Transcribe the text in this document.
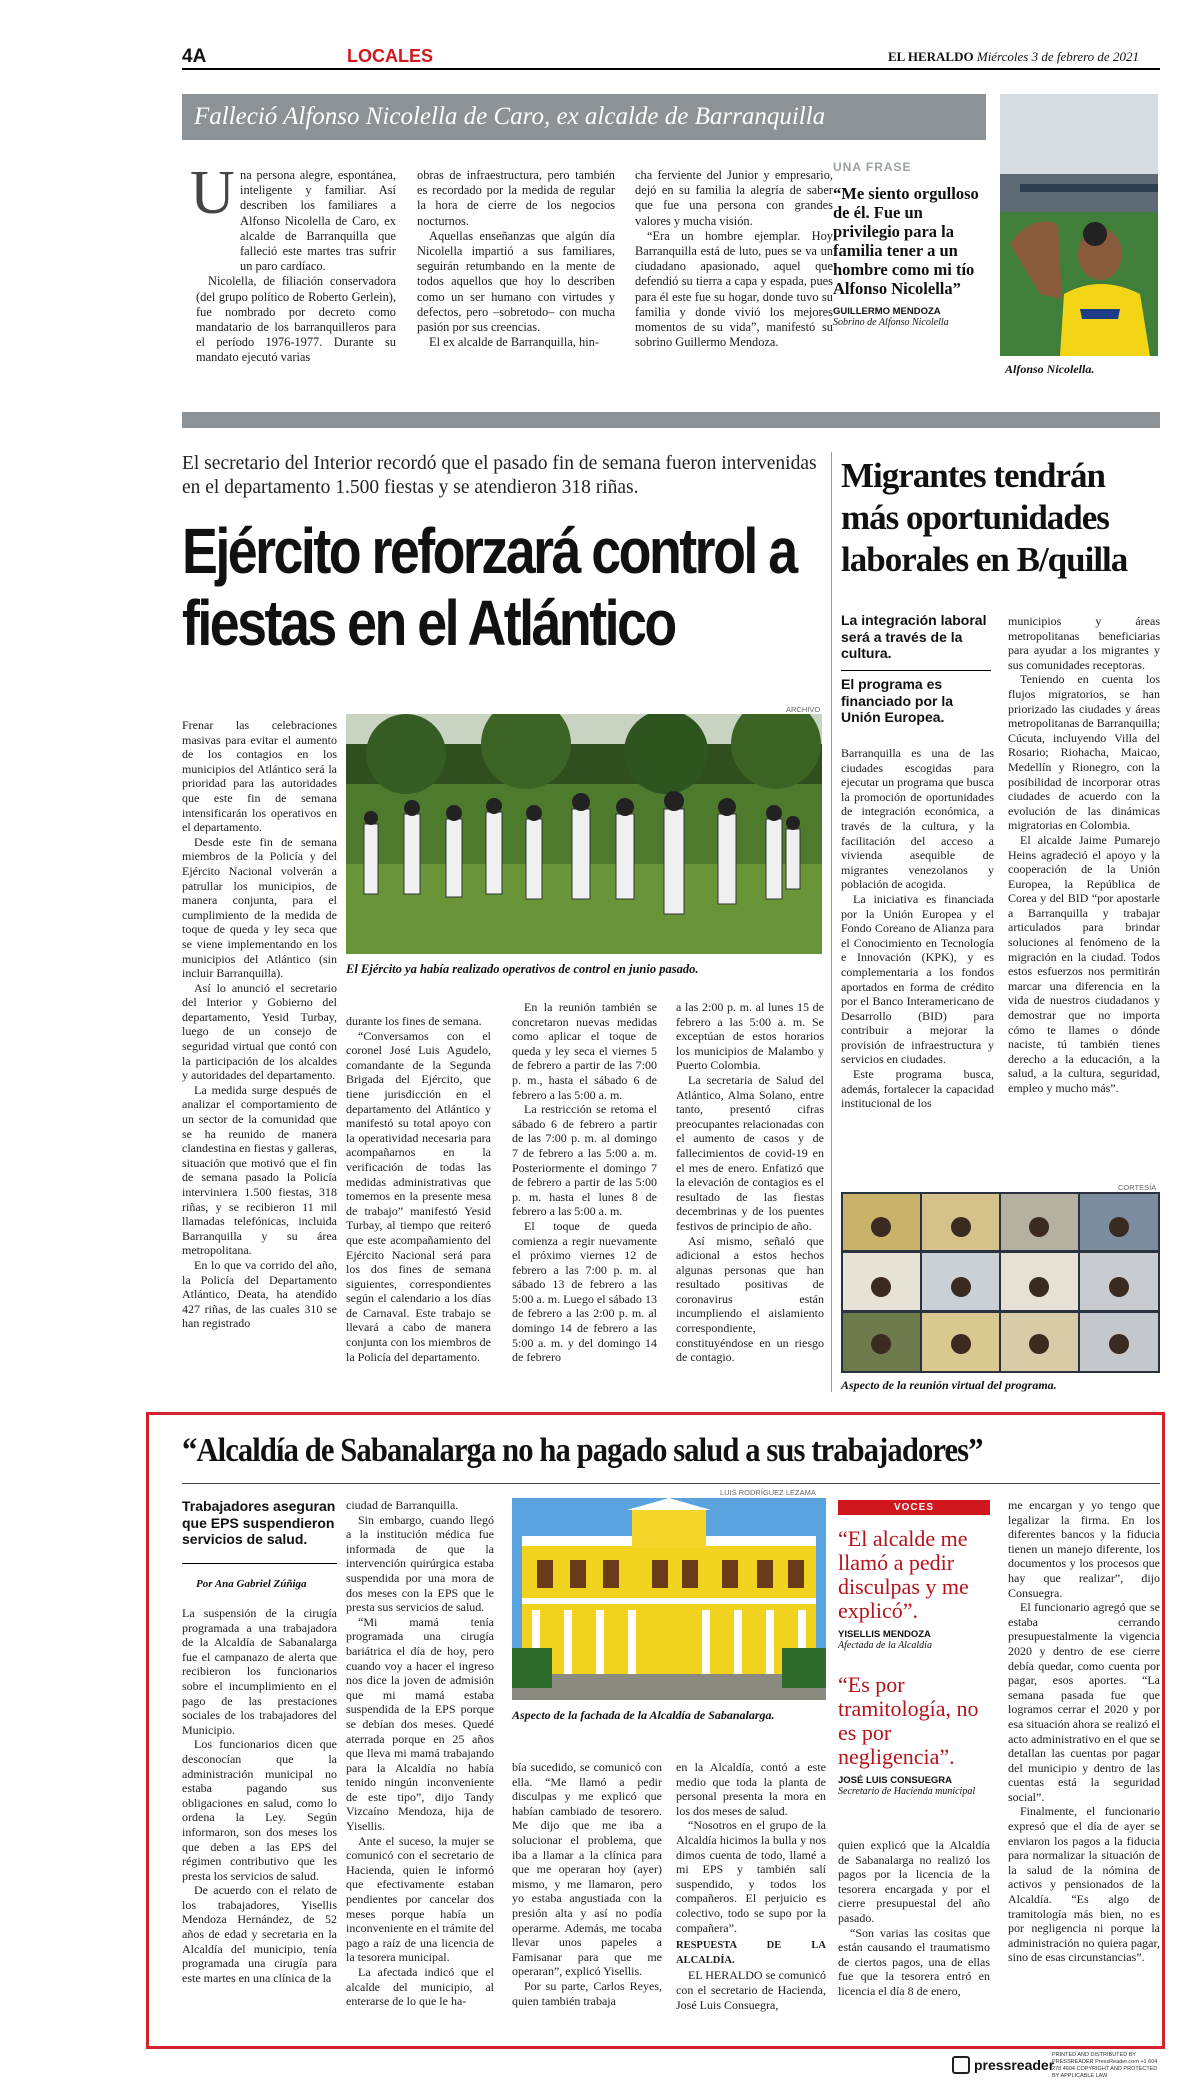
4A	LOCALES	EL HERALDO Miércoles 3 de febrero de 2021
Falleció Alfonso Nicolella de Caro, ex alcalde de Barranquilla
U na persona alegre, espontánea, inteligente y familiar. Así describen los familiares a Alfonso Nicolella de Caro, ex alcalde de Barranquilla que falleció este martes tras sufrir un paro cardíaco.

Nicolella, de filiación conservadora (del grupo político de Roberto Gerlein), fue nombrado por decreto como mandatario de los barranquilleros para el período 1976-1977. Durante su mandato ejecutó varias

obras de infraestructura, pero también es recordado por la medida de regular la hora de cierre de los negocios nocturnos.

Aquellas enseñanzas que algún día Nicolella impartió a sus familiares, seguirán retumbando en la mente de todos aquellos que hoy lo describen como un ser humano con virtudes y defectos, pero –sobretodo– con mucha pasión por sus creencias.

El ex alcalde de Barranquilla, hin-

cha ferviente del Junior y empresario, dejó en su familia la alegría de saber que fue una persona con grandes valores y mucha visión.

“Era un hombre ejemplar. Hoy Barranquilla está de luto, pues se va un ciudadano apasionado, aquel que defendió su tierra a capa y espada, pues para él este fue su hogar, donde tuvo su familia y donde vivió los mejores momentos de su vida”, manifestó su sobrino Guillermo Mendoza.

UNA FRASE
“Me siento orgulloso de él. Fue un privilegio para la familia tener a un hombre como mi tío Alfonso Nicolella”
GUILLERMO MENDOZA
Sobrino de Alfonso Nicolella
Alfonso Nicolella.
El secretario del Interior recordó que el pasado fin de semana fueron intervenidas en el departamento 1.500 fiestas y se atendieron 318 riñas.
Ejército reforzará control a fiestas en el Atlántico
ARCHIVO

Frenar las celebraciones masivas para evitar el aumento de los contagios en los municipios del Atlántico será la prioridad para las autoridades que este fin de semana intensificarán los operativos en el departamento.

Desde este fin de semana miembros de la Policía y del Ejército Nacional volverán a patrullar los municipios, de manera conjunta, para el cumplimiento de la medida de toque de queda y ley seca que se viene implementando en los municipios del Atlántico (sin incluir Barranquilla).

Así lo anunció el secretario del Interior y Gobierno del departamento, Yesid Turbay, luego de un consejo de seguridad virtual que contó con la participación de los alcaldes y autoridades del departamento.

La medida surge después de analizar el comportamiento de un sector de la comunidad que se ha reunido de manera clandestina en fiestas y galleras, situación que motivó que el fin de semana pasado la Policía interviniera 1.500 fiestas, 318 riñas, y se recibieron 11 mil llamadas telefónicas, incluida Barranquilla y su área metropolitana.

En lo que va corrido del año, la Policía del Departamento Atlántico, Deata, ha atendido 427 riñas, de las cuales 310 se han registrado

El Ejército ya había realizado operativos de control en junio pasado.

durante los fines de semana.

“Conversamos con el coronel José Luis Agudelo, comandante de la Segunda Brigada del Ejército, que tiene jurisdicción en el departamento del Atlántico y manifestó su total apoyo con la operatividad necesaria para acompañarnos en la verificación de todas las medidas administrativas que tomemos en la presente mesa de trabajo” manifestó Yesid Turbay, al tiempo que reiteró que este acompañamiento del Ejército Nacional será para los dos fines de semana siguientes, correspondientes según el calendario a los días de Carnaval. Este trabajo se llevará a cabo de manera conjunta con los miembros de la Policía del departamento.

En la reunión también se concretaron nuevas medidas como aplicar el toque de queda y ley seca el viernes 5 de febrero a partir de las 7:00 p. m., hasta el sábado 6 de febrero a las 5:00 a. m.

La restricción se retoma el sábado 6 de febrero a partir de las 7:00 p. m. al domingo 7 de febrero a las 5:00 a. m. Posteriormente el domingo 7 de febrero a partir de las 5:00 p. m. hasta el lunes 8 de febrero a las 5:00 a. m.

El toque de queda comienza a regir nuevamente el próximo viernes 12 de febrero a las 7:00 p. m. al sábado 13 de febrero a las 5:00 a. m. Luego el sábado 13 de febrero a las 2:00 p. m. al domingo 14 de febrero a las 5:00 a. m. y del domingo 14 de febrero

a las 2:00 p. m. al lunes 15 de febrero a las 5:00 a. m. Se exceptúan de estos horarios los municipios de Malambo y Puerto Colombia.

La secretaria de Salud del Atlántico, Alma Solano, entre tanto, presentó cifras preocupantes relacionadas con el aumento de casos y de fallecimientos de covid-19 en el mes de enero. Enfatizó que la elevación de contagios es el resultado de las fiestas decembrinas y de los puentes festivos de principio de año.

Así mismo, señaló que adicional a estos hechos algunas personas que han resultado positivas de coronavirus están incumpliendo el aislamiento correspondiente, constituyéndose en un riesgo de contagio.

Migrantes tendrán más oportunidades laborales en B/quilla
La integración laboral será a través de la cultura.
El programa es financiado por la Unión Europea.

Barranquilla es una de las ciudades escogidas para ejecutar un programa que busca la promoción de oportunidades de integración económica, a través de la cultura, y la facilitación del acceso a vivienda asequible de migrantes venezolanos y población de acogida.

La iniciativa es financiada por la Unión Europea y el Fondo Coreano de Alianza para el Conocimiento en Tecnología e Innovación (KPK), y es complementaria a los fondos aportados en forma de crédito por el Banco Interamericano de Desarrollo (BID) para contribuir a mejorar la provisión de infraestructura y servicios en ciudades.

Este programa busca, además, fortalecer la capacidad institucional de los

municipios y áreas metropolitanas beneficiarias para ayudar a los migrantes y sus comunidades receptoras.

Teniendo en cuenta los flujos migratorios, se han priorizado las ciudades y áreas metropolitanas de Barranquilla; Cúcuta, incluyendo Villa del Rosario; Riohacha, Maicao, Medellín y Rionegro, con la posibilidad de incorporar otras ciudades de acuerdo con la evolución de las dinámicas migratorias en Colombia.

El alcalde Jaime Pumarejo Heins agradeció el apoyo y la cooperación de la Unión Europea, la República de Corea y del BID “por apostarle a Barranquilla y trabajar articulados para brindar soluciones al fenómeno de la migración en la ciudad. Todos estos esfuerzos nos permitirán marcar una diferencia en la vida de nuestros ciudadanos y demostrar que no importa cómo te llames o dónde naciste, tú también tienes derecho a la educación, a la salud, a la cultura, seguridad, empleo y mucho más”.

CORTESÍA
Aspecto de la reunión virtual del programa.
“Alcaldía de Sabanalarga no ha pagado salud a sus trabajadores”
Trabajadores aseguran que EPS suspendieron servicios de salud.
Por Ana Gabriel Zúñiga

La suspensión de la cirugía programada a una trabajadora de la Alcaldía de Sabanalarga fue el campanazo de alerta que recibieron los funcionarios sobre el incumplimiento en el pago de las prestaciones sociales de los trabajadores del Municipio.

Los funcionarios dicen que desconocían que la administración municipal no estaba pagando sus obligaciones en salud, como lo ordena la Ley. Según informaron, son dos meses los que deben a las EPS del régimen contributivo que les presta los servicios de salud.

De acuerdo con el relato de los trabajadores, Yisellis Mendoza Hernández, de 52 años de edad y secretaria en la Alcaldía del municipio, tenía programada una cirugía para este martes en una clínica de la

ciudad de Barranquilla.

Sin embargo, cuando llegó a la institución médica fue informada de que la intervención quirúrgica estaba suspendida por una mora de dos meses con la EPS que le presta sus servicios de salud.

“Mi mamá tenía programada una cirugía bariátrica el día de hoy, pero cuando voy a hacer el ingreso nos dice la joven de admisión que mi mamá estaba suspendida de la EPS porque se debían dos meses. Quedé aterrada porque en 25 años que lleva mi mamá trabajando para la Alcaldía no había tenido ningún inconveniente de este tipo”, dijo Tandy Vizcaíno Mendoza, hija de Yisellis.

Ante el suceso, la mujer se comunicó con el secretario de Hacienda, quien le informó que efectivamente estaban pendientes por cancelar dos meses porque había un inconveniente en el trámite del pago a raíz de una licencia de la tesorera municipal.

La afectada indicó que el alcalde del municipio, al enterarse de lo que le ha-

LUIS RODRÍGUEZ LEZAMA
Aspecto de la fachada de la Alcaldía de Sabanalarga.

bía sucedido, se comunicó con ella. “Me llamó a pedir disculpas y me explicó que habían cambiado de tesorero. Me dijo que me iba a solucionar el problema, que iba a llamar a la clínica para que me operaran hoy (ayer) mismo, y me llamaron, pero yo estaba angustiada con la presión alta y así no podía operarme. Además, me tocaba llevar unos papeles a Famisanar para que me operaran”, explicó Yisellis.

Por su parte, Carlos Reyes, quien también trabaja

en la Alcaldía, contó a este medio que toda la planta de personal presenta la mora en los dos meses de salud.

“Nosotros en el grupo de la Alcaldía hicimos la bulla y nos dimos cuenta de todo, llamé a mi EPS y también salí suspendido, y todos los compañeros. El perjuicio es colectivo, todo se supo por la compañera”.

RESPUESTA DE LA ALCALDÍA.

EL HERALDO se comunicó con el secretario de Hacienda, José Luis Consuegra,

VOCES
“El alcalde me llamó a pedir disculpas y me explicó”.
YISELLIS MENDOZA
Afectada de la Alcaldía
“Es por tramitología, no es por negligencia”.
JOSÉ LUIS CONSUEGRA
Secretario de Hacienda municipal

quien explicó que la Alcaldía de Sabanalarga no realizó los pagos por la licencia de la tesorera encargada y por el cierre presupuestal del año pasado.

“Son varias las cositas que están causando el traumatismo de ciertos pagos, una de ellas fue que la tesorera entró en licencia el día 8 de enero,

me encargan y yo tengo que legalizar la firma. En los diferentes bancos y la fiducia tienen un manejo diferente, los documentos y los procesos que hay que realizar”, dijo Consuegra.

El funcionario agregó que se estaba cerrando presupuestalmente la vigencia 2020 y dentro de ese cierre debía quedar, como cuenta por pagar, esos aportes. “La semana pasada fue que logramos cerrar el 2020 y por esa situación ahora se realizó el acto administrativo en el que se detallan las cuentas por pagar del municipio y dentro de las cuentas está la seguridad social”.

Finalmente, el funcionario expresó que el día de ayer se enviaron los pagos a la fiducia para normalizar la situación de la salud de la nómina de activos y pensionados de la Alcaldía. “Es algo de tramitología más bien, no es por negligencia ni porque la administración no quiera pagar, sino de esas circunstancias”.

pressreader
PRINTED AND DISTRIBUTED BY PRESSREADER PressReader.com +1 604 278 4604 COPYRIGHT AND PROTECTED BY APPLICABLE LAW
